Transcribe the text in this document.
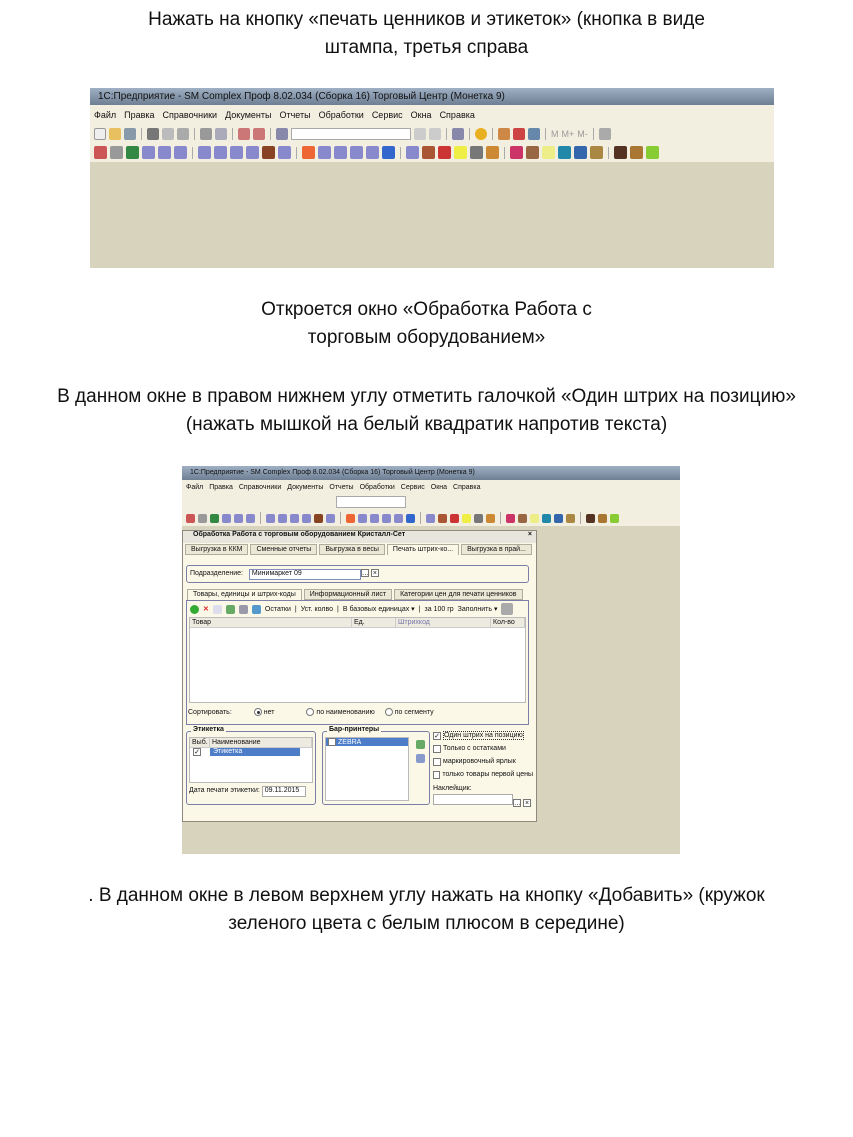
Нажать на кнопку «печать ценников и этикеток» (кнопка в виде штампа, третья справа
1С:Предприятие - SM Complex Проф 8.02.034 (Сборка 16) Торговый Центр (Монетка 9)
Файл Правка Справочники Документы Отчеты Обработки Сервис Окна Справка
M M+ M-
Откроется окно «Обработка Работа с
торговым оборудованием»
В данном окне в правом нижнем углу отметить галочкой «Один штрих на позицию» (нажать мышкой на белый квадратик напротив текста)
1С:Предприятие - SM Complex Проф 8.02.034 (Сборка 16) Торговый Центр (Монетка 9)
Файл Правка Справочники Документы Отчеты Обработки Сервис Окна Справка
Обработка Работа с торговым оборудованием Кристалл-Сет	×
Выгрузка в ККМ	Сменные отчеты	Выгрузка в весы	Печать штрих-ко...	Выгрузка в прай...
Подразделение: Минимаркет 09	… ×
Товары, единицы и штрих-коды	Информационный лист	Категории цен для печати ценников
✕	Остатки | Уст. колво | В базовых единицах ▾ | за 100 гр Заполнить ▾
Товар	Ед.	Штрихкод	Кол-во
Сортировать:	нет	по наименованию	по сегменту
Этикетка
Выб. Наименование
✓	Этикетка
Дата печати этикетки: 09.11.2015
Бар-принтеры
ZEBRA
✓ Один штрих на позицию
Только с остатками
маркировочный ярлык
только товары первой цены
Наклейщик:
… ×
. В данном окне в левом верхнем углу нажать на кнопку «Добавить» (кружок зеленого цвета с белым плюсом в середине)
